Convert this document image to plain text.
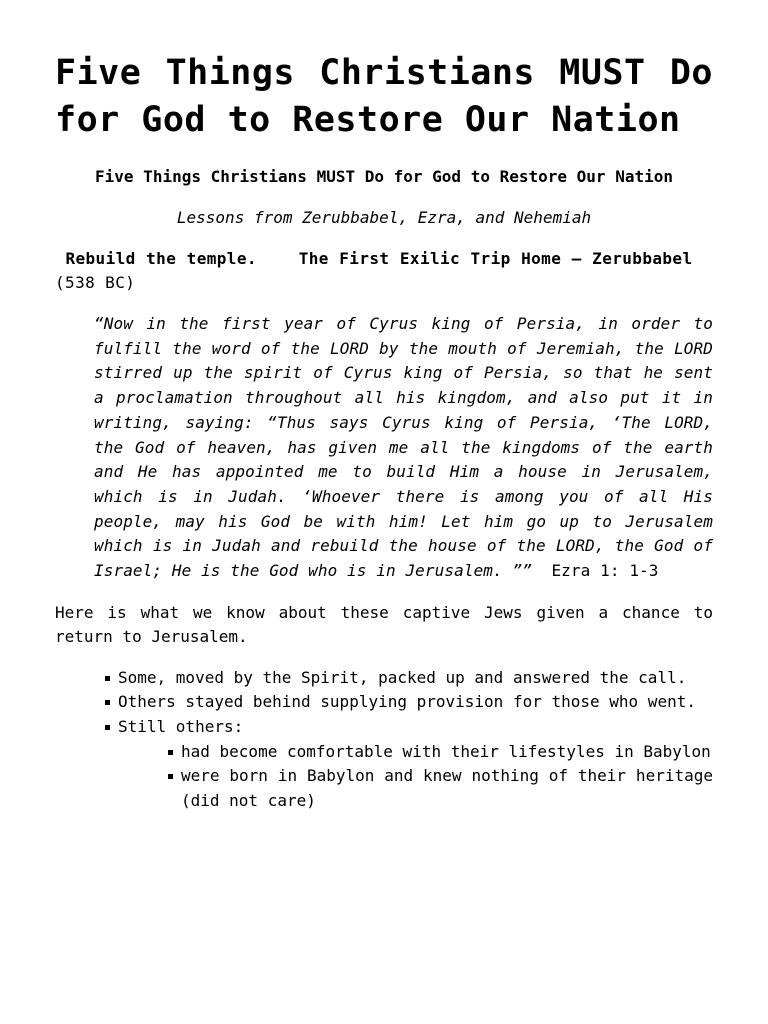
Five Things Christians MUST Do for God to Restore Our Nation

Five Things Christians MUST Do for God to Restore Our Nation

Lessons from Zerubbabel, Ezra, and Nehemiah

Rebuild the temple.	The First Exilic Trip Home – Zerubbabel   (538 BC)

“Now in the first year of Cyrus king of Persia, in order to fulfill the word of the LORD by the mouth of Jeremiah, the LORD stirred up the spirit of Cyrus king of Persia, so that he sent a proclamation throughout all his kingdom, and also put it in writing, saying: “Thus says Cyrus king of Persia, ‘The LORD, the God of heaven, has given me all the kingdoms of the earth and He has appointed me to build Him a house in Jerusalem, which is in Judah. ‘Whoever there is among you of all His people, may his God be with him! Let him go up to Jerusalem which is in Judah and rebuild the house of the LORD, the God of Israel; He is the God who is in Jerusalem. ”” Ezra 1: 1-3

Here is what we know about these captive Jews given a chance to return to Jerusalem.

Some, moved by the Spirit, packed up and answered the call.
Others stayed behind supplying provision for those who went.
Still others:
had become comfortable with their lifestyles in Babylon
were born in Babylon and knew nothing of their heritage (did not care)
